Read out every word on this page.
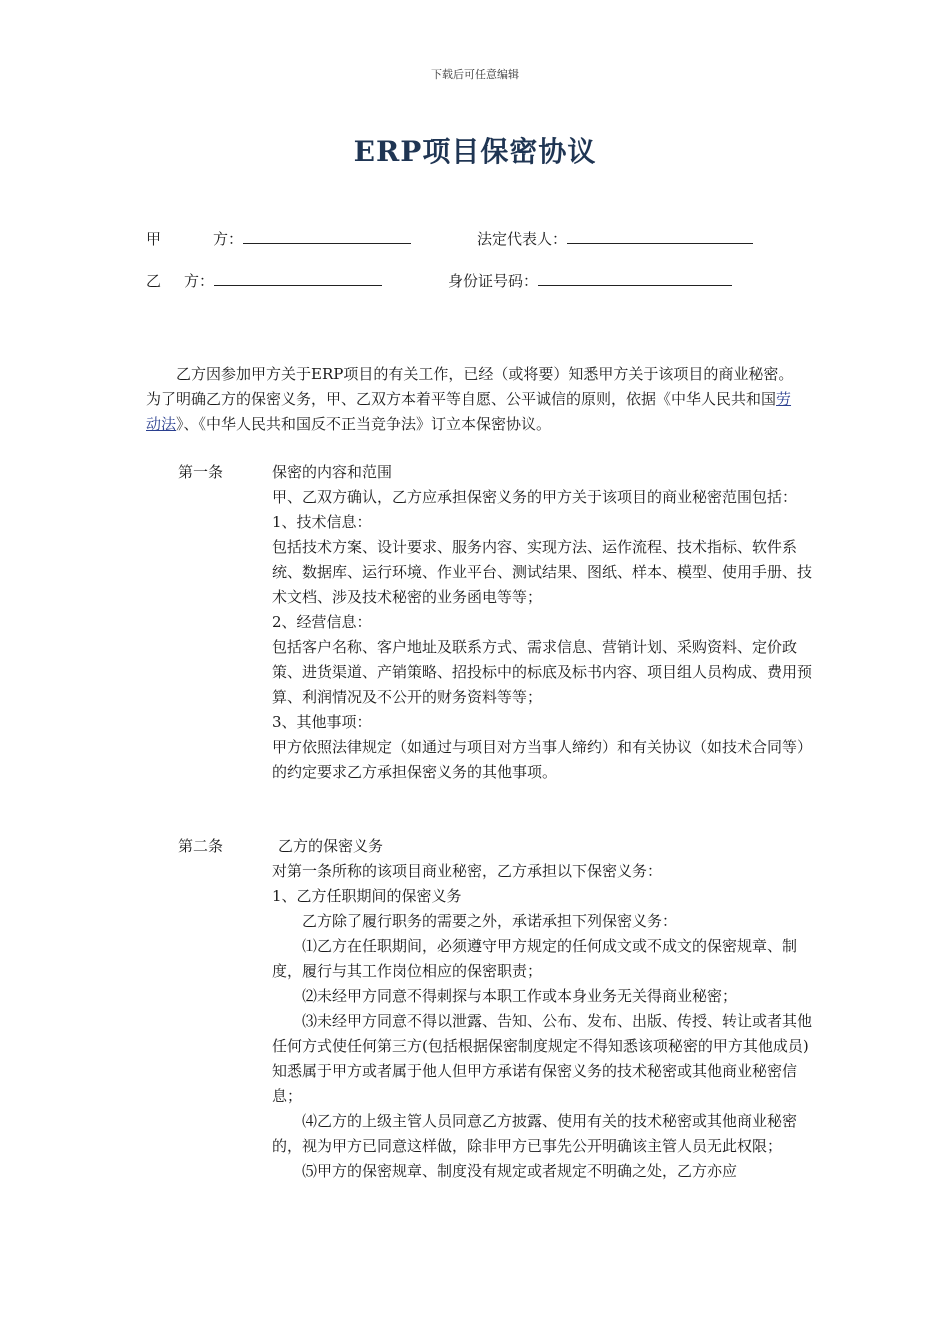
下载后可任意编辑
ERP项目保密协议
甲	方：	法定代表人：
乙 方：	身份证号码：

乙方因参加甲方关于ERP项目的有关工作，已经（或将要）知悉甲方关于该项目的商业秘密。为了明确乙方的保密义务，甲、乙双方本着平等自愿、公平诚信的原则，依据《中华人民共和国劳动法》、《中华人民共和国反不正当竞争法》订立本保密协议。

第一条	保密的内容和范围

甲、乙双方确认，乙方应承担保密义务的甲方关于该项目的商业秘密范围包括：

1、技术信息：

包括技术方案、设计要求、服务内容、实现方法、运作流程、技术指标、软件系统、数据库、运行环境、作业平台、测试结果、图纸、样本、模型、使用手册、技术文档、涉及技术秘密的业务函电等等；

2、经营信息：

包括客户名称、客户地址及联系方式、需求信息、营销计划、采购资料、定价政策、进货渠道、产销策略、招投标中的标底及标书内容、项目组人员构成、费用预算、利润情况及不公开的财务资料等等；

3、其他事项：

甲方依照法律规定（如通过与项目对方当事人缔约）和有关协议（如技术合同等）的约定要求乙方承担保密义务的其他事项。

第二条	乙方的保密义务

对第一条所称的该项目商业秘密，乙方承担以下保密义务：

1、乙方任职期间的保密义务

乙方除了履行职务的需要之外，承诺承担下列保密义务：

⑴乙方在任职期间，必须遵守甲方规定的任何成文或不成文的保密规章、制度，履行与其工作岗位相应的保密职责；

⑵未经甲方同意不得刺探与本职工作或本身业务无关得商业秘密；

⑶未经甲方同意不得以泄露、告知、公布、发布、出版、传授、转让或者其他任何方式使任何第三方(包括根据保密制度规定不得知悉该项秘密的甲方其他成员)知悉属于甲方或者属于他人但甲方承诺有保密义务的技术秘密或其他商业秘密信息；

⑷乙方的上级主管人员同意乙方披露、使用有关的技术秘密或其他商业秘密的，视为甲方已同意这样做，除非甲方已事先公开明确该主管人员无此权限；

⑸甲方的保密规章、制度没有规定或者规定不明确之处，乙方亦应
